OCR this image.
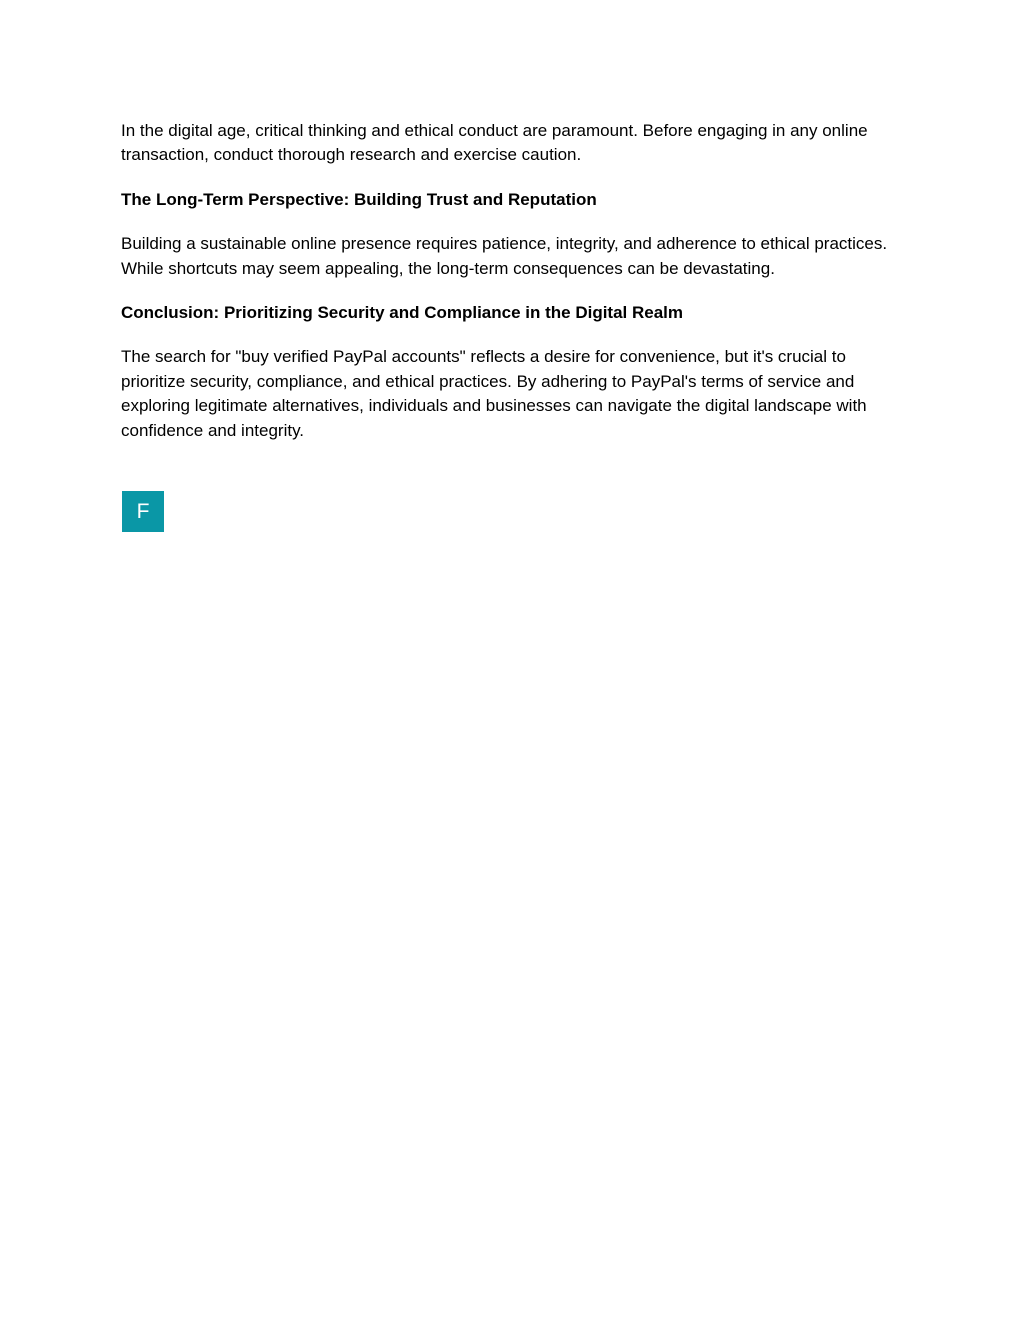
In the digital age, critical thinking and ethical conduct are paramount. Before engaging in any online transaction, conduct thorough research and exercise caution.

The Long-Term Perspective: Building Trust and Reputation

Building a sustainable online presence requires patience, integrity, and adherence to ethical practices. While shortcuts may seem appealing, the long-term consequences can be devastating.

Conclusion: Prioritizing Security and Compliance in the Digital Realm

The search for "buy verified PayPal accounts" reflects a desire for convenience, but it's crucial to prioritize security, compliance, and ethical practices. By adhering to PayPal's terms of service and exploring legitimate alternatives, individuals and businesses can navigate the digital landscape with confidence and integrity.

F
